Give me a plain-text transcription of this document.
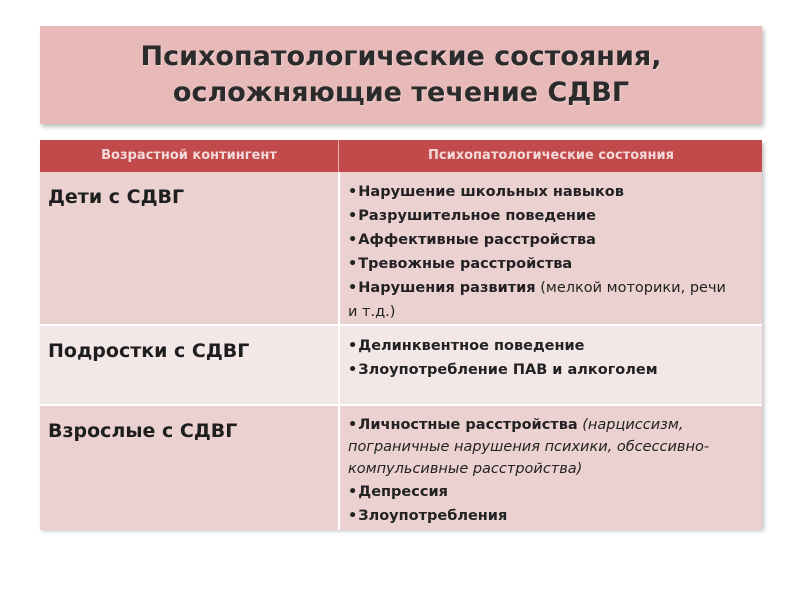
Психопатологические состояния,
осложняющие течение СДВГ
Возрастной контингент	Психопатологические состояния
Дети с СДВГ	•Нарушение школьных навыков
•Разрушительное поведение
•Аффективные расстройства
•Тревожные расстройства
•Нарушения развития (мелкой моторики, речи
и т.д.)
Подростки с СДВГ	•Делинквентное поведение
•Злоупотребление ПАВ и алкоголем
Взрослые с СДВГ	•Личностные расстройства (нарциссизм,
пограничные нарушения психики, обсессивно-
компульсивные расстройства)
•Депрессия
•Злоупотребления
